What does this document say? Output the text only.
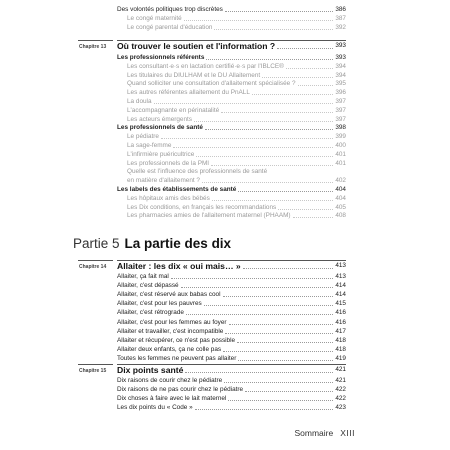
Des volontés politiques trop discrètes	386
Le congé maternité	387
Le congé parental d'éducation	392
Chapitre 13 Où trouver le soutien et l'information ?	393
Les professionnels référents	393
Les consultant·e·s en lactation certifié·e·s par l'IBLCE®	394
Les titulaires du DIULHAM et le DU Allaitement	394
Quand solliciter une consultation d'allaitement spécialisée ?	395
Les autres référentes allaitement du PnALL	396
La doula	397
L'accompagnante en périnatalité	397
Les acteurs émergents	397
Les professionnels de santé	398
Le pédiatre	399
La sage-femme	400
L'infirmière puéricultrice	401
Les professionnels de la PMI	401
Quelle est l'influence des professionnels de santé
en matière d'allaitement ?	402
Les labels des établissements de santé	404
Les hôpitaux amis des bébés	404
Les Dix conditions, en français les recommandations	405
Les pharmacies amies de l'allaitement maternel (PHAAM)	408
Partie 5 La partie des dix
Chapitre 14 Allaiter : les dix « oui mais… »	413
Allaiter, ça fait mal	413
Allaiter, c'est dépassé	414
Allaiter, c'est réservé aux babas cool	414
Allaiter, c'est pour les pauvres	415
Allaiter, c'est rétrograde	416
Allaiter, c'est pour les femmes au foyer	416
Allaiter et travailler, c'est incompatible	417
Allaiter et récupérer, ce n'est pas possible	418
Allaiter deux enfants, ça ne colle pas	418
Toutes les femmes ne peuvent pas allaiter	419
Chapitre 15 Dix points santé	421
Dix raisons de courir chez le pédiatre	421
Dix raisons de ne pas courir chez le pédiatre	422
Dix choses à faire avec le lait maternel	422
Les dix points du « Code »	423
Sommaire XIII
